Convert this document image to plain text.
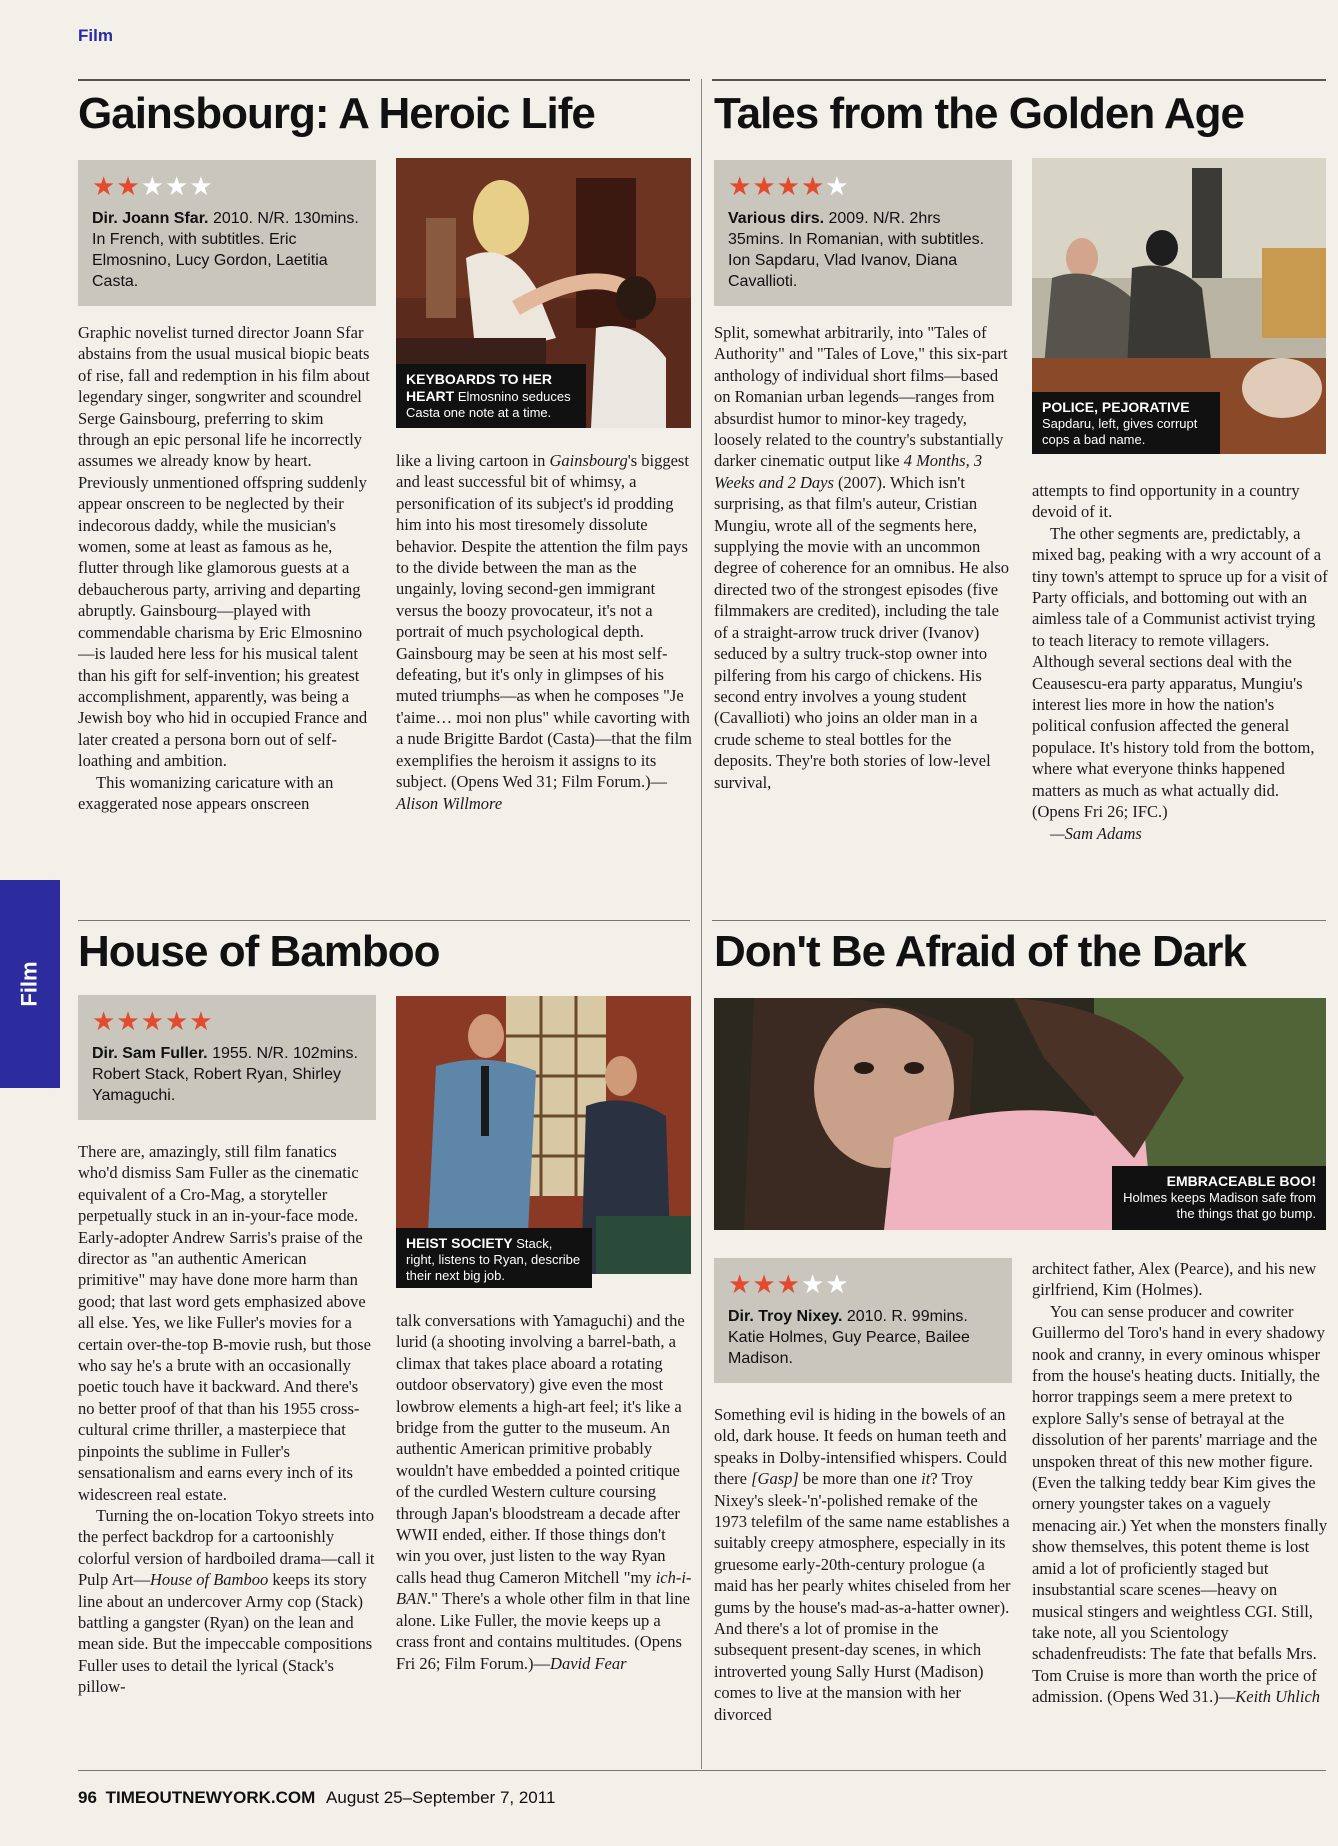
Film
Film
Gainsbourg: A Heroic Life
★★★★★
Dir. Joann Sfar. 2010. N/R. 130mins. In French, with subtitles. Eric Elmosnino, Lucy Gordon, Laetitia Casta.
KEYBOARDS TO HER HEART Elmosnino seduces Casta one note at a time.

Graphic novelist turned director Joann Sfar abstains from the usual musical biopic beats of rise, fall and redemption in his film about legendary singer, songwriter and scoundrel Serge Gainsbourg, preferring to skim through an epic personal life he incorrectly assumes we already know by heart. Previously unmentioned offspring suddenly appear onscreen to be neglected by their indecorous daddy, while the musician's women, some at least as famous as he, flutter through like glamorous guests at a debaucherous party, arriving and departing abruptly. Gainsbourg—played with commendable charisma by Eric Elmosnino—is lauded here less for his musical talent than his gift for self-invention; his greatest accomplishment, apparently, was being a Jewish boy who hid in occupied France and later created a persona born out of self-loathing and ambition.

This womanizing caricature with an exaggerated nose appears onscreen

like a living cartoon in Gainsbourg's biggest and least successful bit of whimsy, a personification of its subject's id prodding him into his most tiresomely dissolute behavior. Despite the attention the film pays to the divide between the man as the ungainly, loving second-gen immigrant versus the boozy provocateur, it's not a portrait of much psychological depth. Gainsbourg may be seen at his most self-defeating, but it's only in glimpses of his muted triumphs—as when he composes "Je t'aime… moi non plus" while cavorting with a nude Brigitte Bardot (Casta)—that the film exemplifies the heroism it assigns to its subject. (Opens Wed 31; Film Forum.)—Alison Willmore

Tales from the Golden Age
★★★★★
Various dirs. 2009. N/R. 2hrs 35mins. In Romanian, with subtitles. Ion Sapdaru, Vlad Ivanov, Diana Cavallioti.
POLICE, PEJORATIVE
Sapdaru, left, gives corrupt cops a bad name.

Split, somewhat arbitrarily, into "Tales of Authority" and "Tales of Love," this six-part anthology of individual short films—based on Romanian urban legends—ranges from absurdist humor to minor-key tragedy, loosely related to the country's substantially darker cinematic output like 4 Months, 3 Weeks and 2 Days (2007). Which isn't surprising, as that film's auteur, Cristian Mungiu, wrote all of the segments here, supplying the movie with an uncommon degree of coherence for an omnibus. He also directed two of the strongest episodes (five filmmakers are credited), including the tale of a straight-arrow truck driver (Ivanov) seduced by a sultry truck-stop owner into pilfering from his cargo of chickens. His second entry involves a young student (Cavallioti) who joins an older man in a crude scheme to steal bottles for the deposits. They're both stories of low-level survival,

attempts to find opportunity in a country devoid of it.

The other segments are, predictably, a mixed bag, peaking with a wry account of a tiny town's attempt to spruce up for a visit of Party officials, and bottoming out with an aimless tale of a Communist activist trying to teach literacy to remote villagers. Although several sections deal with the Ceausescu-era party apparatus, Mungiu's interest lies more in how the nation's political confusion affected the general populace. It's history told from the bottom, where what everyone thinks happened matters as much as what actually did. (Opens Fri 26; IFC.)

—Sam Adams

House of Bamboo
★★★★★
Dir. Sam Fuller. 1955. N/R. 102mins. Robert Stack, Robert Ryan, Shirley Yamaguchi.
HEIST SOCIETY Stack, right, listens to Ryan, describe their next big job.

There are, amazingly, still film fanatics who'd dismiss Sam Fuller as the cinematic equivalent of a Cro-Mag, a storyteller perpetually stuck in an in-your-face mode. Early-adopter Andrew Sarris's praise of the director as "an authentic American primitive" may have done more harm than good; that last word gets emphasized above all else. Yes, we like Fuller's movies for a certain over-the-top B-movie rush, but those who say he's a brute with an occasionally poetic touch have it backward. And there's no better proof of that than his 1955 cross-cultural crime thriller, a masterpiece that pinpoints the sublime in Fuller's sensationalism and earns every inch of its widescreen real estate.

Turning the on-location Tokyo streets into the perfect backdrop for a cartoonishly colorful version of hardboiled drama—call it Pulp Art—House of Bamboo keeps its story line about an undercover Army cop (Stack) battling a gangster (Ryan) on the lean and mean side. But the impeccable compositions Fuller uses to detail the lyrical (Stack's pillow-

talk conversations with Yamaguchi) and the lurid (a shooting involving a barrel-bath, a climax that takes place aboard a rotating outdoor observatory) give even the most lowbrow elements a high-art feel; it's like a bridge from the gutter to the museum. An authentic American primitive probably wouldn't have embedded a pointed critique of the curdled Western culture coursing through Japan's bloodstream a decade after WWII ended, either. If those things don't win you over, just listen to the way Ryan calls head thug Cameron Mitchell "my ich-i-BAN." There's a whole other film in that line alone. Like Fuller, the movie keeps up a crass front and contains multitudes. (Opens Fri 26; Film Forum.)—David Fear

Don't Be Afraid of the Dark
EMBRACEABLE BOO!
Holmes keeps Madison safe from the things that go bump.
★★★★★
Dir. Troy Nixey. 2010. R. 99mins. Katie Holmes, Guy Pearce, Bailee Madison.

Something evil is hiding in the bowels of an old, dark house. It feeds on human teeth and speaks in Dolby-intensified whispers. Could there [Gasp] be more than one it? Troy Nixey's sleek-'n'-polished remake of the 1973 telefilm of the same name establishes a suitably creepy atmosphere, especially in its gruesome early-20th-century prologue (a maid has her pearly whites chiseled from her gums by the house's mad-as-a-hatter owner). And there's a lot of promise in the subsequent present-day scenes, in which introverted young Sally Hurst (Madison) comes to live at the mansion with her divorced

architect father, Alex (Pearce), and his new girlfriend, Kim (Holmes).

You can sense producer and cowriter Guillermo del Toro's hand in every shadowy nook and cranny, in every ominous whisper from the house's heating ducts. Initially, the horror trappings seem a mere pretext to explore Sally's sense of betrayal at the dissolution of her parents' marriage and the unspoken threat of this new mother figure. (Even the talking teddy bear Kim gives the ornery youngster takes on a vaguely menacing air.) Yet when the monsters finally show themselves, this potent theme is lost amid a lot of proficiently staged but insubstantial scare scenes—heavy on musical stingers and weightless CGI. Still, take note, all you Scientology schadenfreudists: The fate that befalls Mrs. Tom Cruise is more than worth the price of admission. (Opens Wed 31.)—Keith Uhlich

96 TIMEOUTNEWYORK.COM August 25–September 7, 2011
